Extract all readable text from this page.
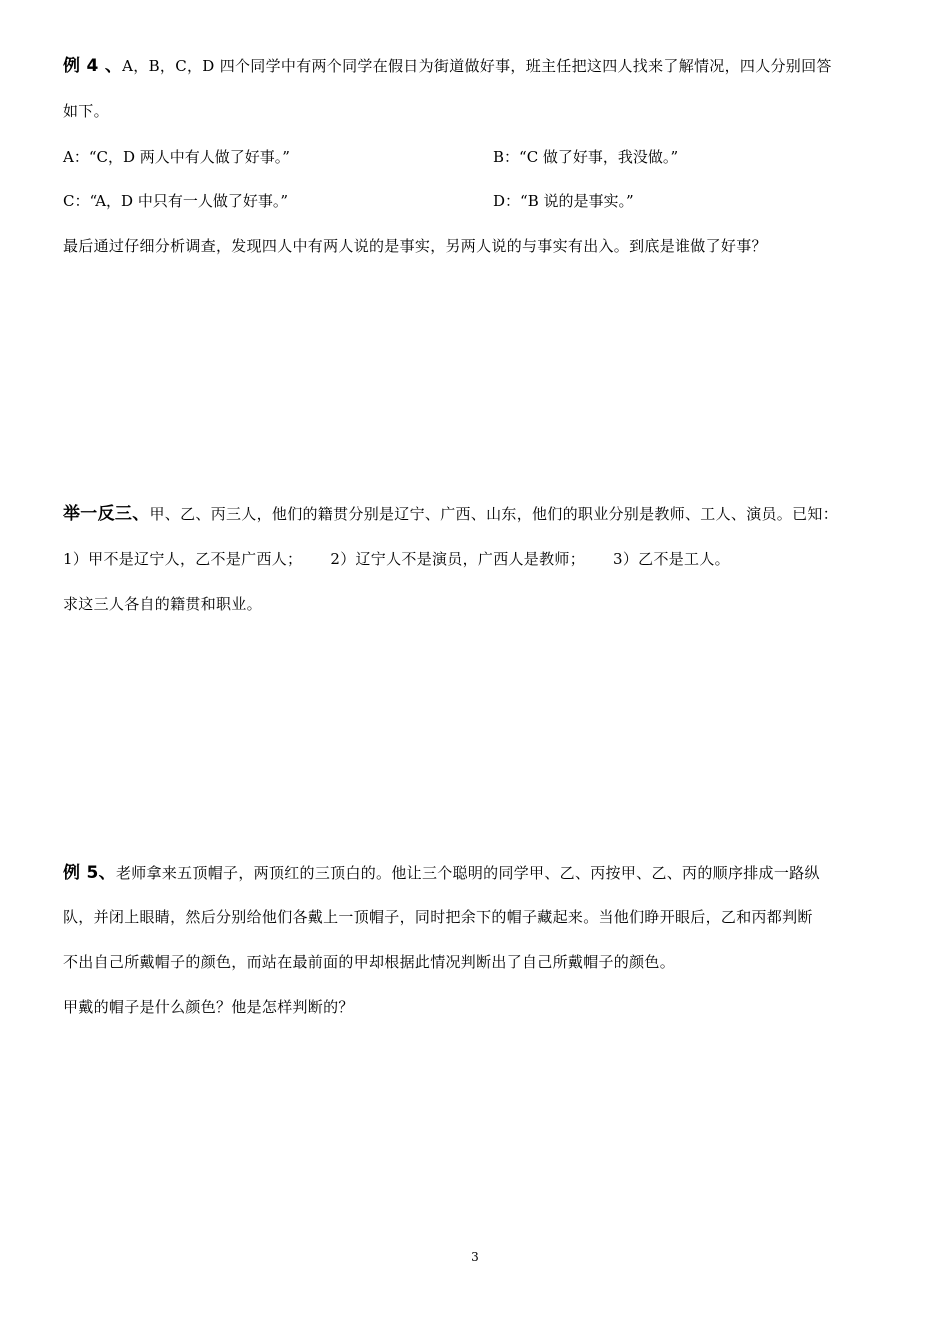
例 4 、A，B，C，D 四个同学中有两个同学在假日为街道做好事，班主任把这四人找来了解情况，四人分别回答
如下。
A：“C，D 两人中有人做了好事。”	B：“C 做了好事，我没做。”
C：“A，D 中只有一人做了好事。”	D：“B 说的是事实。”
最后通过仔细分析调查，发现四人中有两人说的是事实，另两人说的与事实有出入。到底是谁做了好事？
举一反三、甲、乙、丙三人，他们的籍贯分别是辽宁、广西、山东，他们的职业分别是教师、工人、演员。已知：
1）甲不是辽宁人，乙不是广西人； 2）辽宁人不是演员，广西人是教师； 3）乙不是工人。
求这三人各自的籍贯和职业。
例 5、老师拿来五顶帽子，两顶红的三顶白的。他让三个聪明的同学甲、乙、丙按甲、乙、丙的顺序排成一路纵
队，并闭上眼睛，然后分别给他们各戴上一顶帽子，同时把余下的帽子藏起来。当他们睁开眼后，乙和丙都判断
不出自己所戴帽子的颜色，而站在最前面的甲却根据此情况判断出了自己所戴帽子的颜色。
甲戴的帽子是什么颜色？他是怎样判断的？
3
